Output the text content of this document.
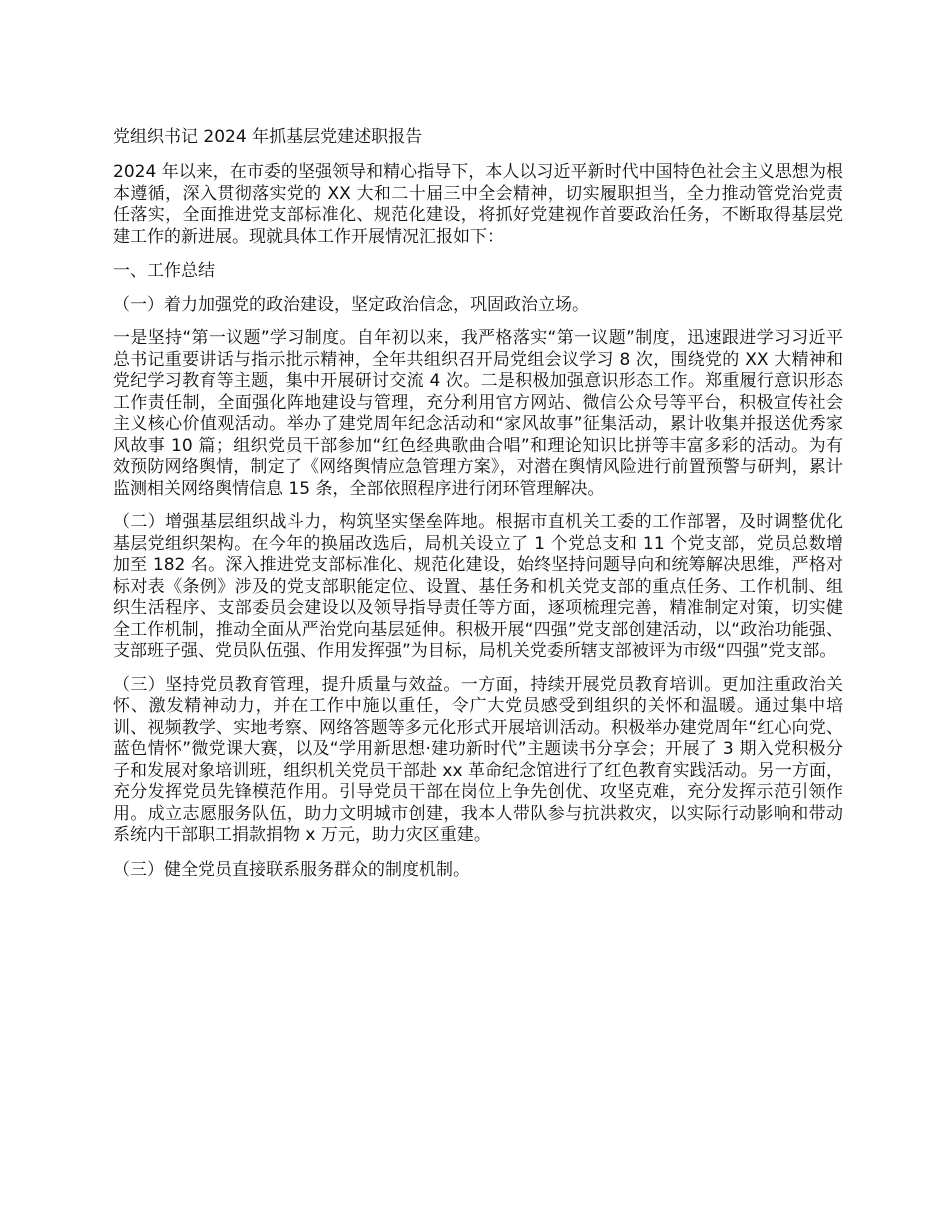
党组织书记 2024 年抓基层党建述职报告
2024 年以来，在市委的坚强领导和精心指导下，本人以习近平新时代中国特色社会主义思想为根本遵循，深入贯彻落实党的 XX 大和二十届三中全会精神，切实履职担当，全力推动管党治党责任落实，全面推进党支部标准化、规范化建设，将抓好党建视作首要政治任务，不断取得基层党建工作的新进展。现就具体工作开展情况汇报如下：
一、工作总结
（一）着力加强党的政治建设，坚定政治信念，巩固政治立场。
一是坚持“第一议题”学习制度。自年初以来，我严格落实“第一议题”制度，迅速跟进学习习近平总书记重要讲话与指示批示精神，全年共组织召开局党组会议学习 8 次，围绕党的 XX 大精神和党纪学习教育等主题，集中开展研讨交流 4 次。二是积极加强意识形态工作。郑重履行意识形态工作责任制，全面强化阵地建设与管理，充分利用官方网站、微信公众号等平台，积极宣传社会主义核心价值观活动。举办了建党周年纪念活动和“家风故事”征集活动，累计收集并报送优秀家风故事 10 篇；组织党员干部参加“红色经典歌曲合唱”和理论知识比拼等丰富多彩的活动。为有效预防网络舆情，制定了《网络舆情应急管理方案》，对潜在舆情风险进行前置预警与研判，累计监测相关网络舆情信息 15 条，全部依照程序进行闭环管理解决。
（二）增强基层组织战斗力，构筑坚实堡垒阵地。根据市直机关工委的工作部署，及时调整优化基层党组织架构。在今年的换届改选后，局机关设立了 1 个党总支和 11 个党支部，党员总数增加至 182 名。深入推进党支部标准化、规范化建设，始终坚持问题导向和统筹解决思维，严格对标对表《条例》涉及的党支部职能定位、设置、基任务和机关党支部的重点任务、工作机制、组织生活程序、支部委员会建设以及领导指导责任等方面，逐项梳理完善，精准制定对策，切实健全工作机制，推动全面从严治党向基层延伸。积极开展“四强”党支部创建活动，以“政治功能强、支部班子强、党员队伍强、作用发挥强”为目标，局机关党委所辖支部被评为市级“四强”党支部。
（三）坚持党员教育管理，提升质量与效益。一方面，持续开展党员教育培训。更加注重政治关怀、激发精神动力，并在工作中施以重任，令广大党员感受到组织的关怀和温暖。通过集中培训、视频教学、实地考察、网络答题等多元化形式开展培训活动。积极举办建党周年“红心向党、蓝色情怀”微党课大赛，以及“学用新思想·建功新时代”主题读书分享会；开展了 3 期入党积极分子和发展对象培训班，组织机关党员干部赴 xx 革命纪念馆进行了红色教育实践活动。另一方面，充分发挥党员先锋模范作用。引导党员干部在岗位上争先创优、攻坚克难，充分发挥示范引领作用。成立志愿服务队伍，助力文明城市创建，我本人带队参与抗洪救灾，以实际行动影响和带动系统内干部职工捐款捐物 x 万元，助力灾区重建。
（三）健全党员直接联系服务群众的制度机制。
